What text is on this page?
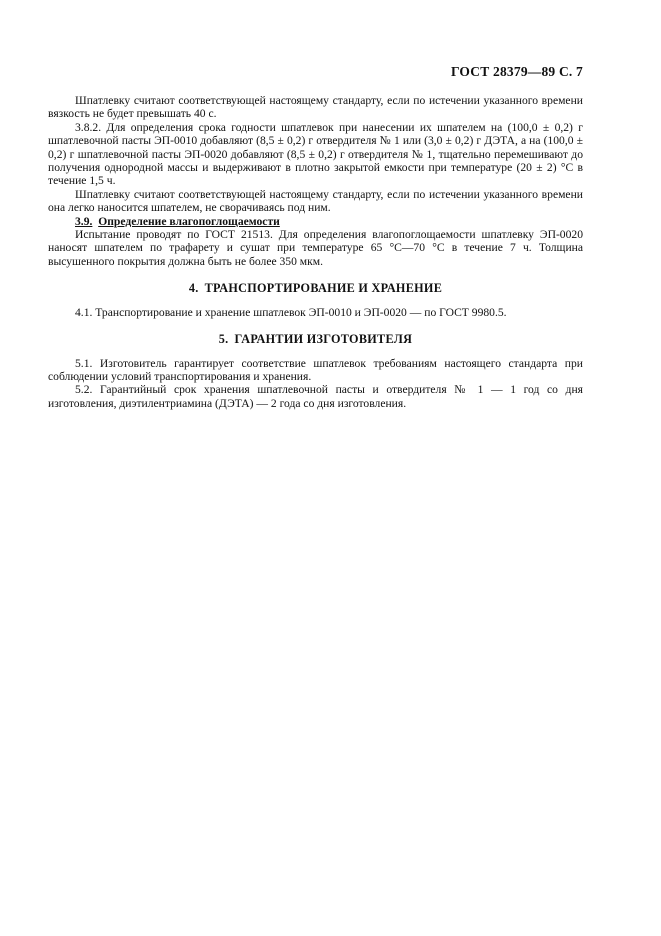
ГОСТ 28379—89 С. 7

Шпатлевку считают соответствующей настоящему стандарту, если по истечении указанного времени вязкость не будет превышать 40 с.

3.8.2. Для определения срока годности шпатлевок при нанесении их шпателем на (100,0 ± 0,2) г шпатлевочной пасты ЭП-0010 добавляют (8,5 ± 0,2) г отвердителя № 1 или (3,0 ± 0,2) г ДЭТА, а на (100,0 ± 0,2) г шпатлевочной пасты ЭП-0020 добавляют (8,5 ± 0,2) г отвердителя № 1, тщательно перемешивают до получения однородной массы и выдерживают в плотно закрытой емкости при температуре (20 ± 2) °С в течение 1,5 ч.

Шпатлевку считают соответствующей настоящему стандарту, если по истечении указанного времени она легко наносится шпателем, не сворачиваясь под ним.

3.9. Определение влагопоглощаемости

Испытание проводят по ГОСТ 21513. Для определения влагопоглощаемости шпатлевку ЭП-0020 наносят шпателем по трафарету и сушат при температуре 65 °С—70 °С в течение 7 ч. Толщина высушенного покрытия должна быть не более 350 мкм.

4. ТРАНСПОРТИРОВАНИЕ И ХРАНЕНИЕ

4.1. Транспортирование и хранение шпатлевок ЭП-0010 и ЭП-0020 — по ГОСТ 9980.5.

5. ГАРАНТИИ ИЗГОТОВИТЕЛЯ

5.1. Изготовитель гарантирует соответствие шпатлевок требованиям настоящего стандарта при соблюдении условий транспортирования и хранения.

5.2. Гарантийный срок хранения шпатлевочной пасты и отвердителя № 1 — 1 год со дня изготовления, диэтилентриамина (ДЭТА) — 2 года со дня изготовления.
